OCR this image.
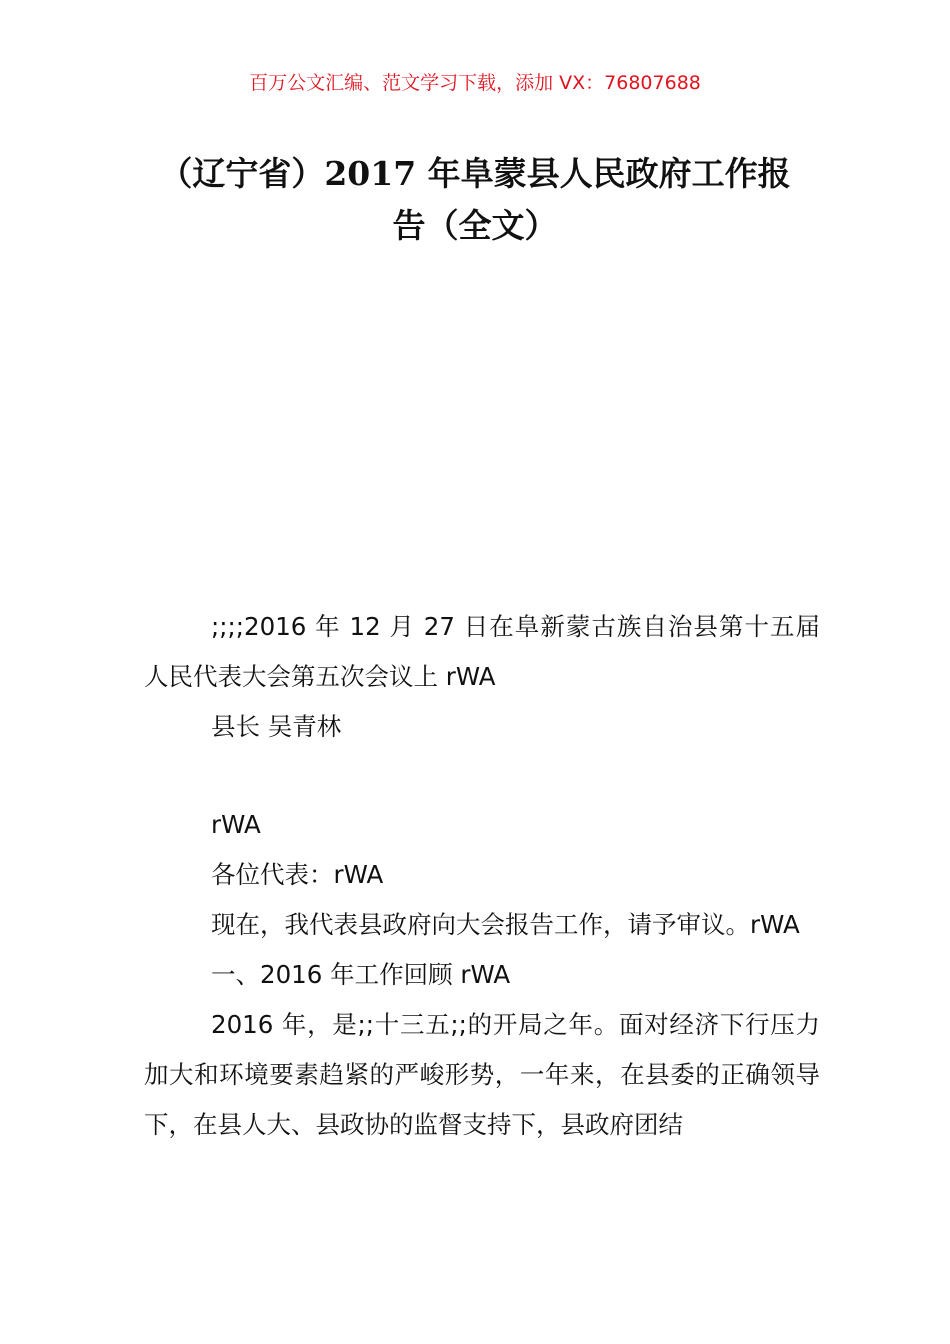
百万公文汇编、范文学习下载，添加 VX：76807688
（辽宁省）2017 年阜蒙县人民政府工作报
告（全文）

;;;;2016 年 12 月 27 日在阜新蒙古族自治县第十五届人民代表大会第五次会议上 rWA

县长 吴青林

rWA

各位代表：rWA

现在，我代表县政府向大会报告工作，请予审议。rWA

一、2016 年工作回顾 rWA

2016 年，是;;十三五;;的开局之年。面对经济下行压力加大和环境要素趋紧的严峻形势，一年来，在县委的正确领导下，在县人大、县政协的监督支持下，县政府团结
